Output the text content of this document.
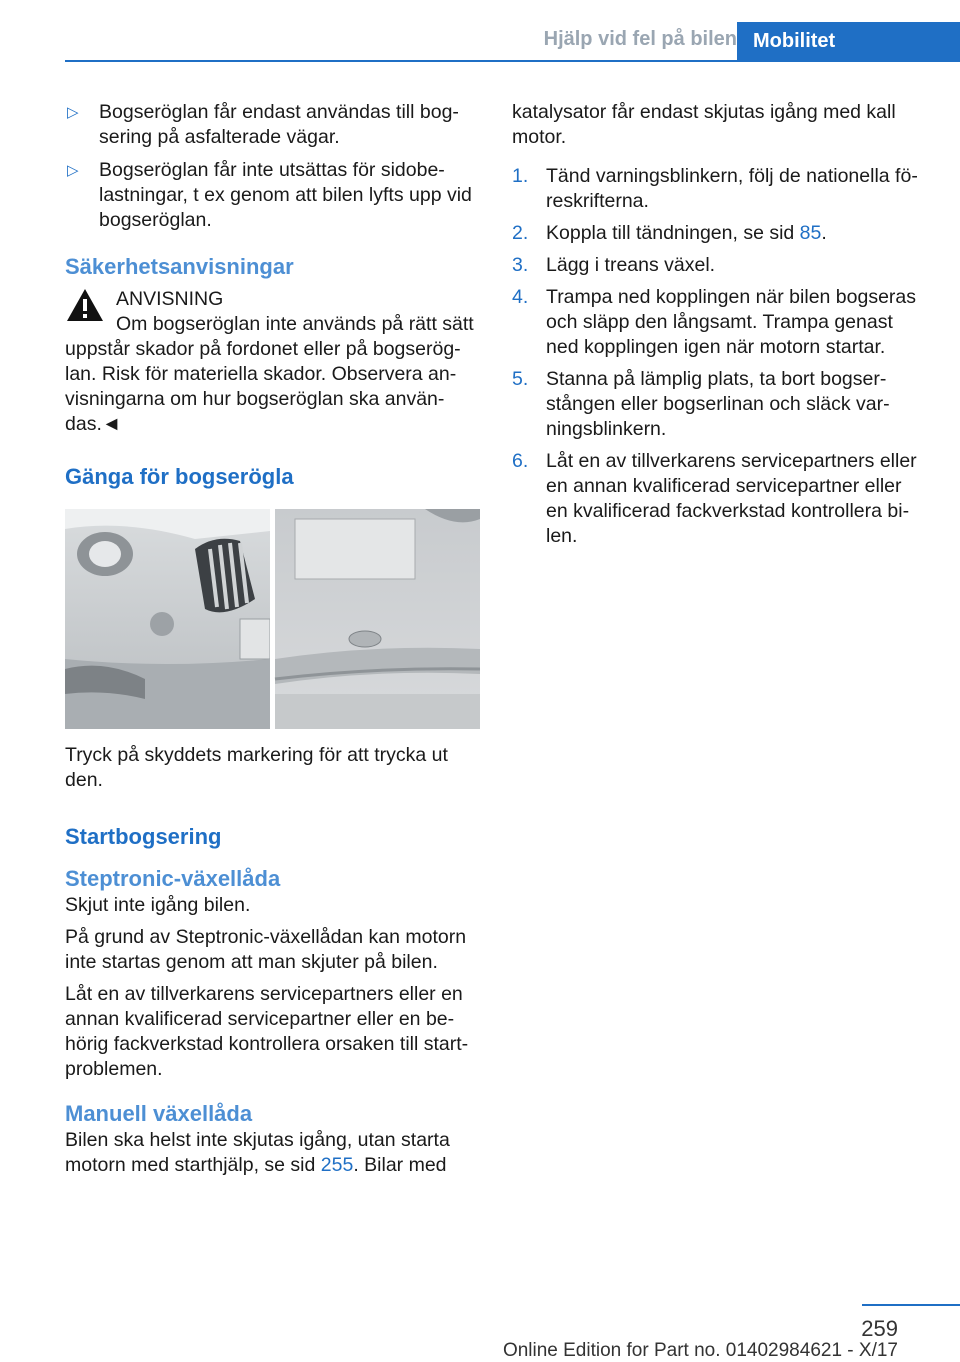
Hjälp vid fel på bilen Mobilitet
▷ Bogseröglan får endast användas till bogsering på asfalterade vägar.
▷ Bogseröglan får inte utsättas för sidobelastningar, t ex genom att bilen lyfts upp vid bogseröglan.
Säkerhetsanvisningar
ANVISNING
Om bogseröglan inte används på rätt sätt uppstår skador på fordonet eller på bogseröglan. Risk för materiella skador. Observera anvisningarna om hur bogseröglan ska användas.◄
Gänga för bogserögla

Tryck på skyddets markering för att trycka ut den.

Startbogsering
Steptronic-växellåda

Skjut inte igång bilen.

På grund av Steptronic-växellådan kan motorn inte startas genom att man skjuter på bilen.

Låt en av tillverkarens servicepartners eller en annan kvalificerad servicepartner eller en behörig fackverkstad kontrollera orsaken till startproblemen.

Manuell växellåda

Bilen ska helst inte skjutas igång, utan starta motorn med starthjälp, se sid 255. Bilar med

katalysator får endast skjutas igång med kall motor.

1. Tänd varningsblinkern, följ de nationella föreskrifterna.
2. Koppla till tändningen, se sid 85.
3. Lägg i treans växel.
4. Trampa ned kopplingen när bilen bogseras och släpp den långsamt. Trampa genast ned kopplingen igen när motorn startar.
5. Stanna på lämplig plats, ta bort bogserstången eller bogserlinan och släck varningsblinkern.
6. Låt en av tillverkarens servicepartners eller en annan kvalificerad servicepartner eller en kvalificerad fackverkstad kontrollera bilen.
259
Online Edition for Part no. 01402984621 - X/17
